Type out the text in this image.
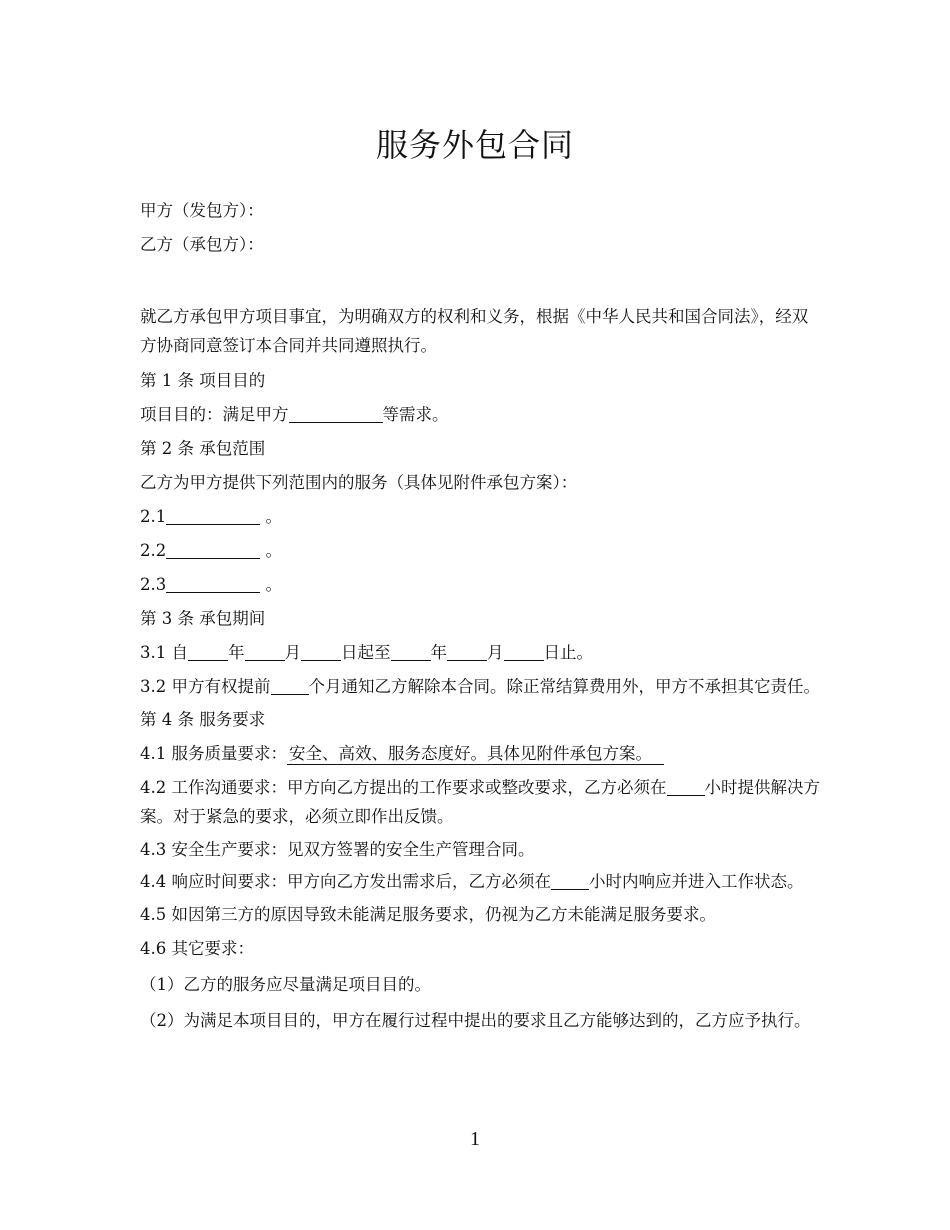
服务外包合同

甲方（发包方）：

乙方（承包方）：

就乙方承包甲方项目事宜，为明确双方的权利和义务，根据《中华人民共和国合同法》，经双方协商同意签订本合同并共同遵照执行。

第 1 条 项目目的

项目目的：满足甲方	等需求。

第 2 条 承包范围

乙方为甲方提供下列范围内的服务（具体见附件承包方案）：

2.1	。

2.2	。

2.3	。

第 3 条 承包期间

3.1 自 年 月 日起至 年 月 日止。

3.2 甲方有权提前 个月通知乙方解除本合同。除正常结算费用外，甲方不承担其它责任。

第 4 条 服务要求

4.1 服务质量要求： 安全、高效、服务态度好。具体见附件承包方案。

4.2 工作沟通要求：甲方向乙方提出的工作要求或整改要求，乙方必须在 小时提供解决方案。对于紧急的要求，必须立即作出反馈。

4.3 安全生产要求：见双方签署的安全生产管理合同。

4.4 响应时间要求：甲方向乙方发出需求后，乙方必须在 小时内响应并进入工作状态。

4.5 如因第三方的原因导致未能满足服务要求，仍视为乙方未能满足服务要求。

4.6 其它要求：

（1）乙方的服务应尽量满足项目目的。

（2）为满足本项目目的，甲方在履行过程中提出的要求且乙方能够达到的，乙方应予执行。

1
